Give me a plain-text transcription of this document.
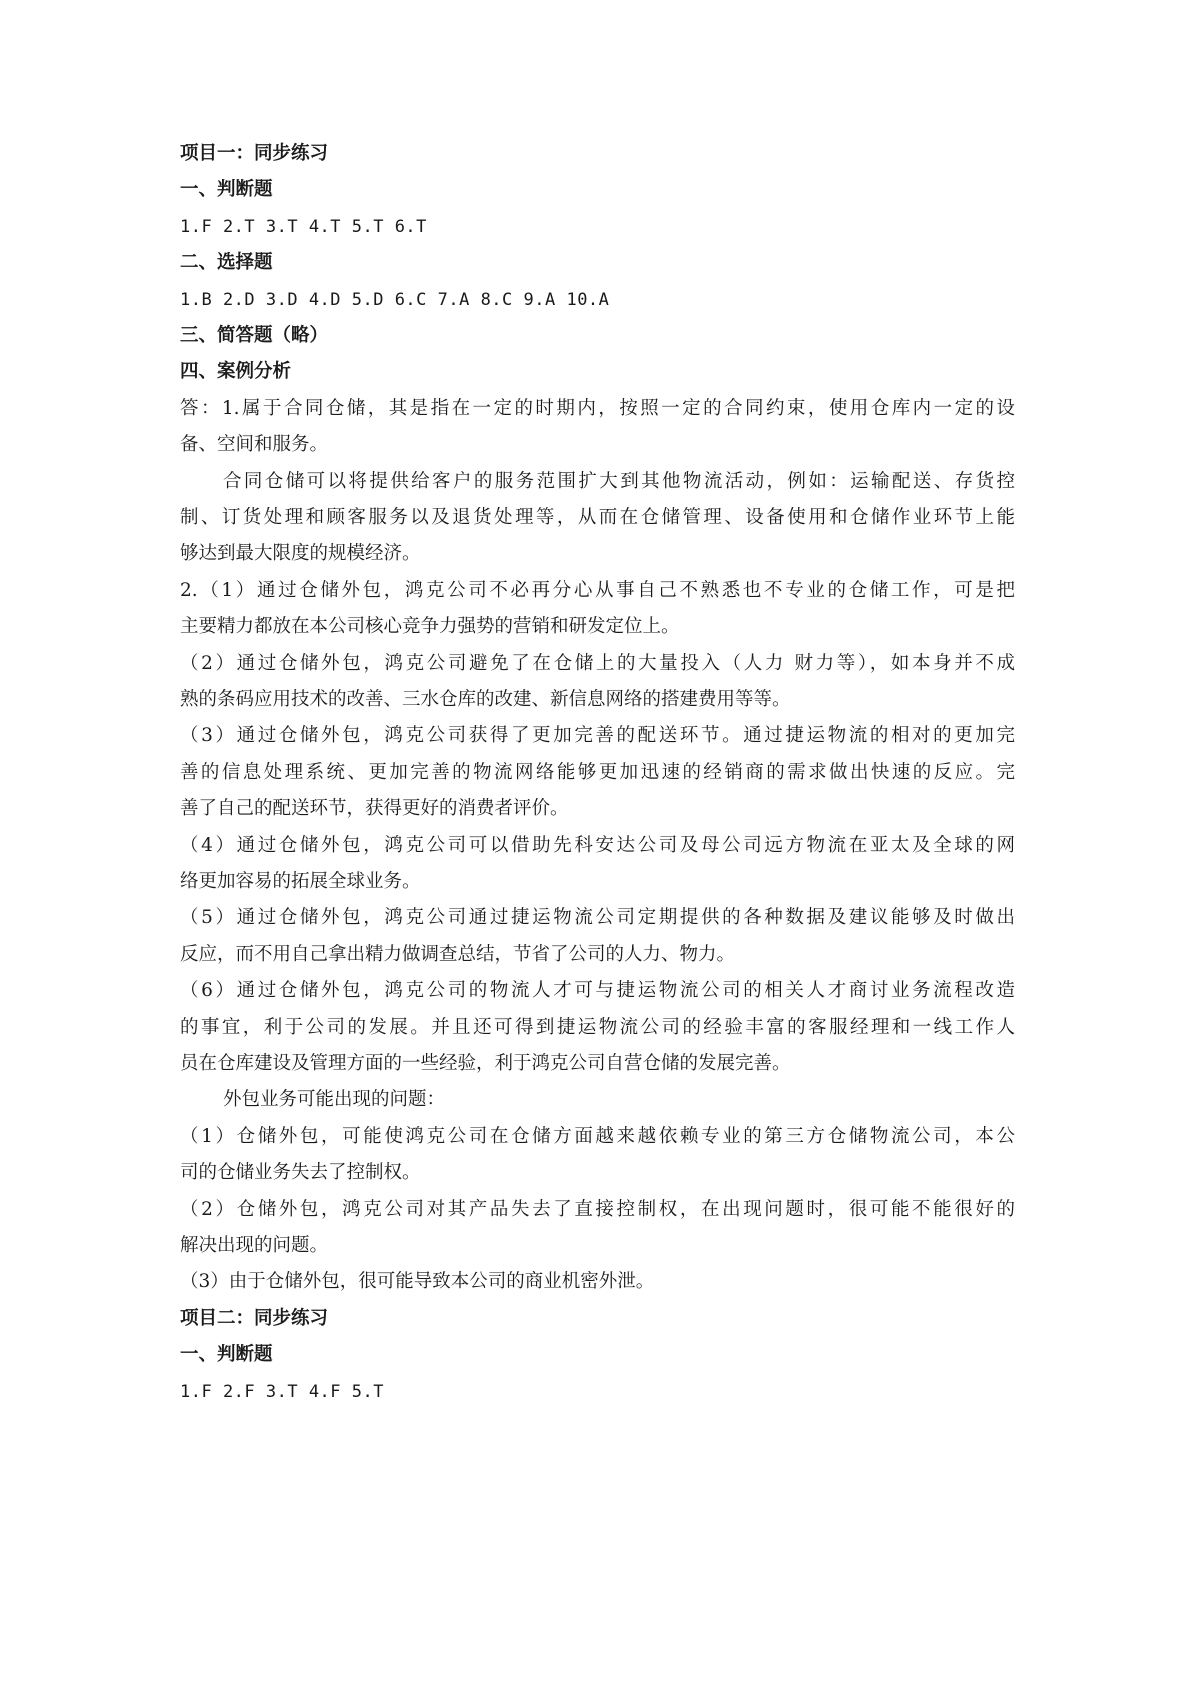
项目一：同步练习
一、判断题
1.F 2.T 3.T 4.T 5.T 6.T
二、选择题
1.B 2.D 3.D 4.D 5.D 6.C 7.A 8.C 9.A 10.A
三、简答题（略）
四、案例分析
答：1.属于合同仓储，其是指在一定的时期内，按照一定的合同约束，使用仓库内一定的设
备、空间和服务。
合同仓储可以将提供给客户的服务范围扩大到其他物流活动，例如：运输配送、存货控
制、订货处理和顾客服务以及退货处理等，从而在仓储管理、设备使用和仓储作业环节上能
够达到最大限度的规模经济。
2.（1）通过仓储外包，鸿克公司不必再分心从事自己不熟悉也不专业的仓储工作，可是把
主要精力都放在本公司核心竞争力强势的营销和研发定位上。
（2）通过仓储外包，鸿克公司避免了在仓储上的大量投入（人力 财力等），如本身并不成
熟的条码应用技术的改善、三水仓库的改建、新信息网络的搭建费用等等。
（3）通过仓储外包，鸿克公司获得了更加完善的配送环节。通过捷运物流的相对的更加完
善的信息处理系统、更加完善的物流网络能够更加迅速的经销商的需求做出快速的反应。完
善了自己的配送环节，获得更好的消费者评价。
（4）通过仓储外包，鸿克公司可以借助先科安达公司及母公司远方物流在亚太及全球的网
络更加容易的拓展全球业务。
（5）通过仓储外包，鸿克公司通过捷运物流公司定期提供的各种数据及建议能够及时做出
反应，而不用自己拿出精力做调查总结，节省了公司的人力、物力。
（6）通过仓储外包，鸿克公司的物流人才可与捷运物流公司的相关人才商讨业务流程改造
的事宜，利于公司的发展。并且还可得到捷运物流公司的经验丰富的客服经理和一线工作人
员在仓库建设及管理方面的一些经验，利于鸿克公司自营仓储的发展完善。
外包业务可能出现的问题：
（1）仓储外包，可能使鸿克公司在仓储方面越来越依赖专业的第三方仓储物流公司，本公
司的仓储业务失去了控制权。
（2）仓储外包，鸿克公司对其产品失去了直接控制权，在出现问题时，很可能不能很好的
解决出现的问题。
（3）由于仓储外包，很可能导致本公司的商业机密外泄。
项目二：同步练习
一、判断题
1.F 2.F 3.T 4.F 5.T
